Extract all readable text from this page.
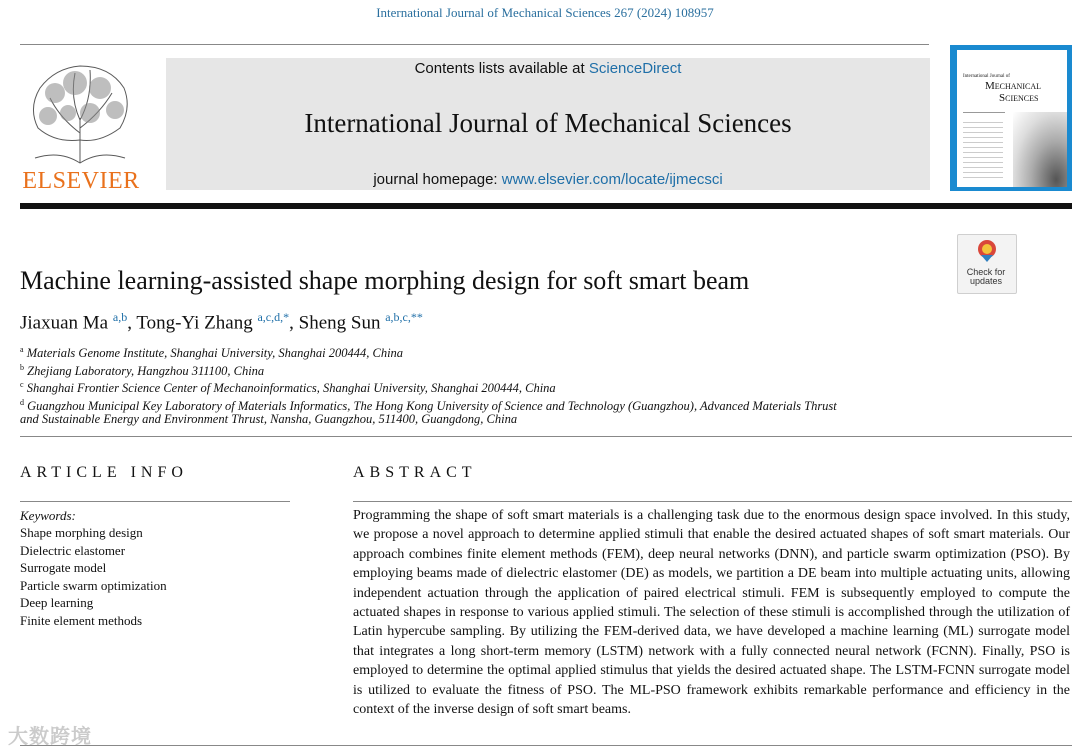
International Journal of Mechanical Sciences 267 (2024) 108957
ELSEVIER
Contents lists available at ScienceDirect
International Journal of Mechanical Sciences
journal homepage: www.elsevier.com/locate/ijmecsci
International Journal of
Mechanical
Sciences
Check for
updates
Machine learning-assisted shape morphing design for soft smart beam
Jiaxuan Ma $^{a,b}$, Tong-Yi Zhang $^{a,c,d,*}$, Sheng Sun $^{a,b,c,**}$
$^a$ Materials Genome Institute, Shanghai University, Shanghai 200444, China
$^b$ Zhejiang Laboratory, Hangzhou 311100, China
$^c$ Shanghai Frontier Science Center of Mechanoinformatics, Shanghai University, Shanghai 200444, China
$^d$ Guangzhou Municipal Key Laboratory of Materials Informatics, The Hong Kong University of Science and Technology (Guangzhou), Advanced Materials Thrust
and Sustainable Energy and Environment Thrust, Nansha, Guangzhou, 511400, Guangdong, China
ARTICLE INFO
Keywords:
Shape morphing design
Dielectric elastomer
Surrogate model
Particle swarm optimization
Deep learning
Finite element methods
ABSTRACT
Programming the shape of soft smart materials is a challenging task due to the enormous design space involved. In this study, we propose a novel approach to determine applied stimuli that enable the desired actuated shapes of soft smart materials. Our approach combines finite element methods (FEM), deep neural networks (DNN), and particle swarm optimization (PSO). By employing beams made of dielectric elastomer (DE) as models, we partition a DE beam into multiple actuating units, allowing independent actuation through the application of paired electrical stimuli. FEM is subsequently employed to compute the actuated shapes in response to various applied stimuli. The selection of these stimuli is accomplished through the utilization of Latin hypercube sampling. By utilizing the FEM-derived data, we have developed a machine learning (ML) surrogate model that integrates a long short-term memory (LSTM) network with a fully connected neural network (FCNN). Finally, PSO is employed to determine the optimal applied stimulus that yields the desired actuated shape. The LSTM-FCNN surrogate model is utilized to evaluate the fitness of PSO. The ML-PSO framework exhibits remarkable performance and efficiency in the context of the inverse design of soft smart beams.
大数跨境
